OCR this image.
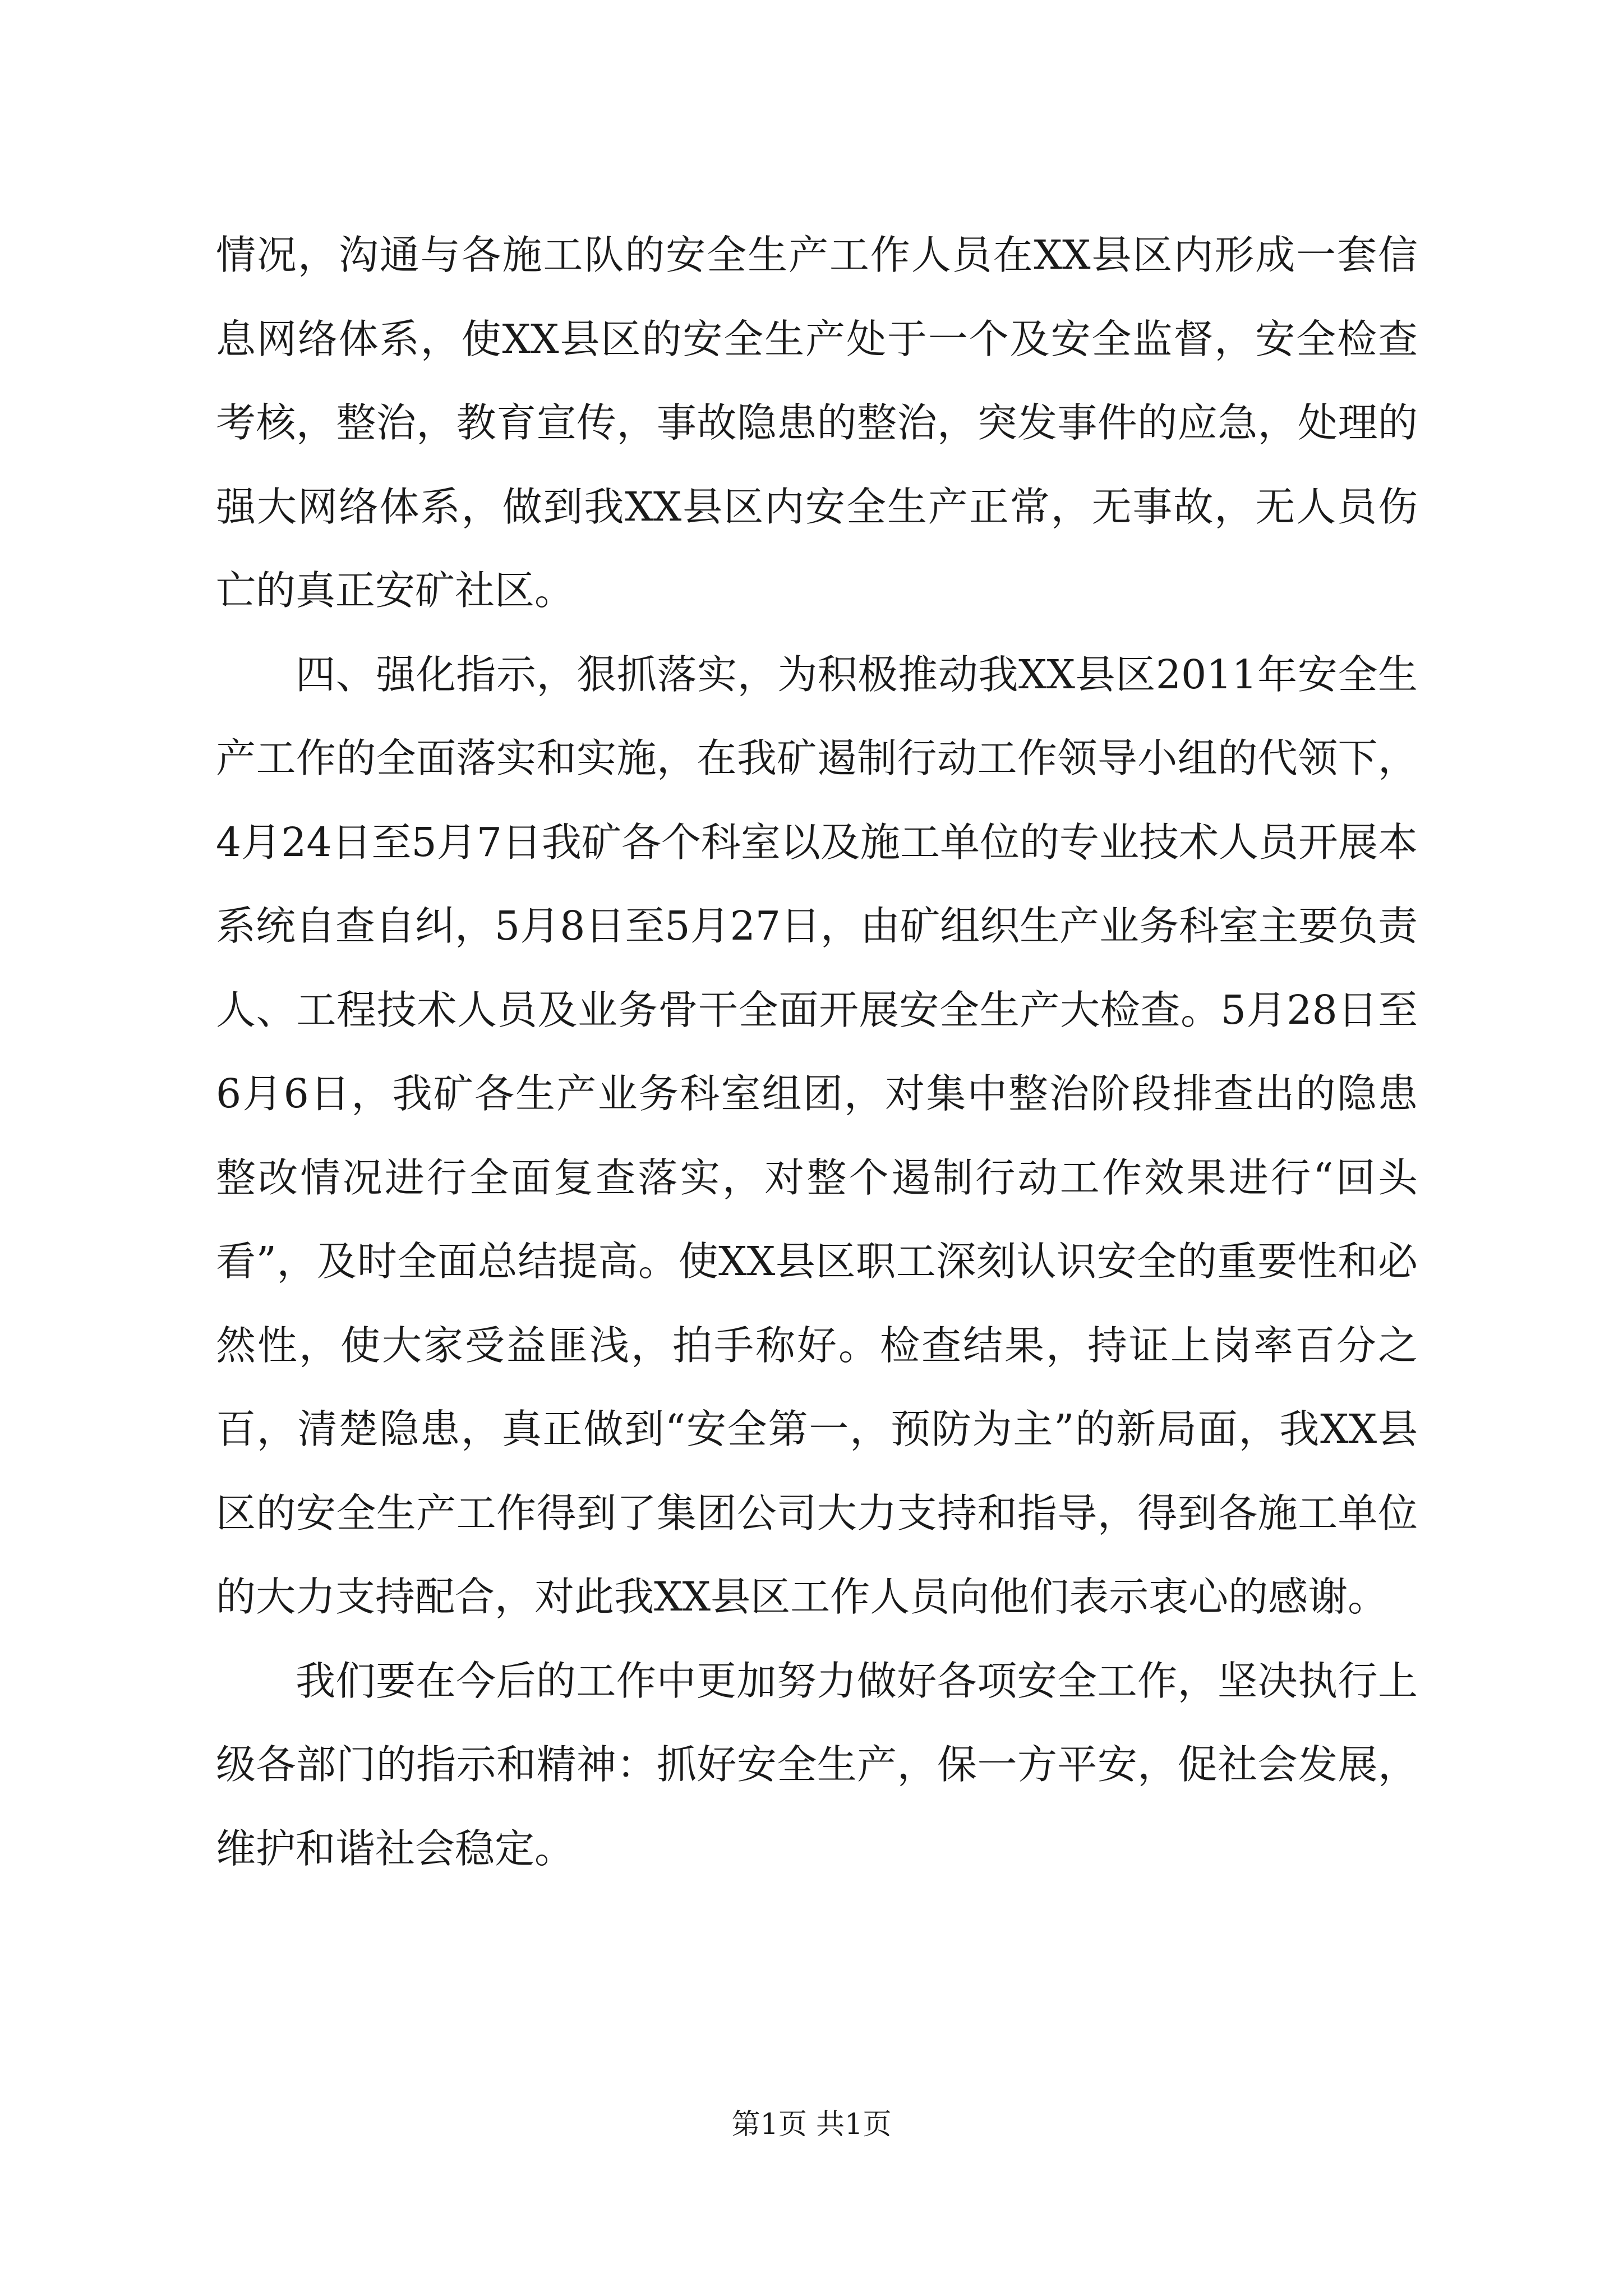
情况，沟通与各施工队的安全生产工作人员在XX县区内形成一套信息网络体系，使XX县区的安全生产处于一个及安全监督，安全检查考核，整治，教育宣传，事故隐患的整治，突发事件的应急，处理的强大网络体系，做到我XX县区内安全生产正常，无事故，无人员伤亡的真正安矿社区。

四、强化指示，狠抓落实，为积极推动我XX县区2011年安全生产工作的全面落实和实施，在我矿遏制行动工作领导小组的代领下，4月24日至5月7日我矿各个科室以及施工单位的专业技术人员开展本系统自查自纠，5月8日至5月27日，由矿组织生产业务科室主要负责人、工程技术人员及业务骨干全面开展安全生产大检查。5月28日至6月6日，我矿各生产业务科室组团，对集中整治阶段排查出的隐患整改情况进行全面复查落实，对整个遏制行动工作效果进行“回头看”，及时全面总结提高。使XX县区职工深刻认识安全的重要性和必然性，使大家受益匪浅，拍手称好。检查结果，持证上岗率百分之百，清楚隐患，真正做到“安全第一，预防为主”的新局面，我XX县区的安全生产工作得到了集团公司大力支持和指导，得到各施工单位的大力支持配合，对此我XX县区工作人员向他们表示衷心的感谢。

我们要在今后的工作中更加努力做好各项安全工作，坚决执行上级各部门的指示和精神：抓好安全生产，保一方平安，促社会发展，维护和谐社会稳定。

第1页 共1页
